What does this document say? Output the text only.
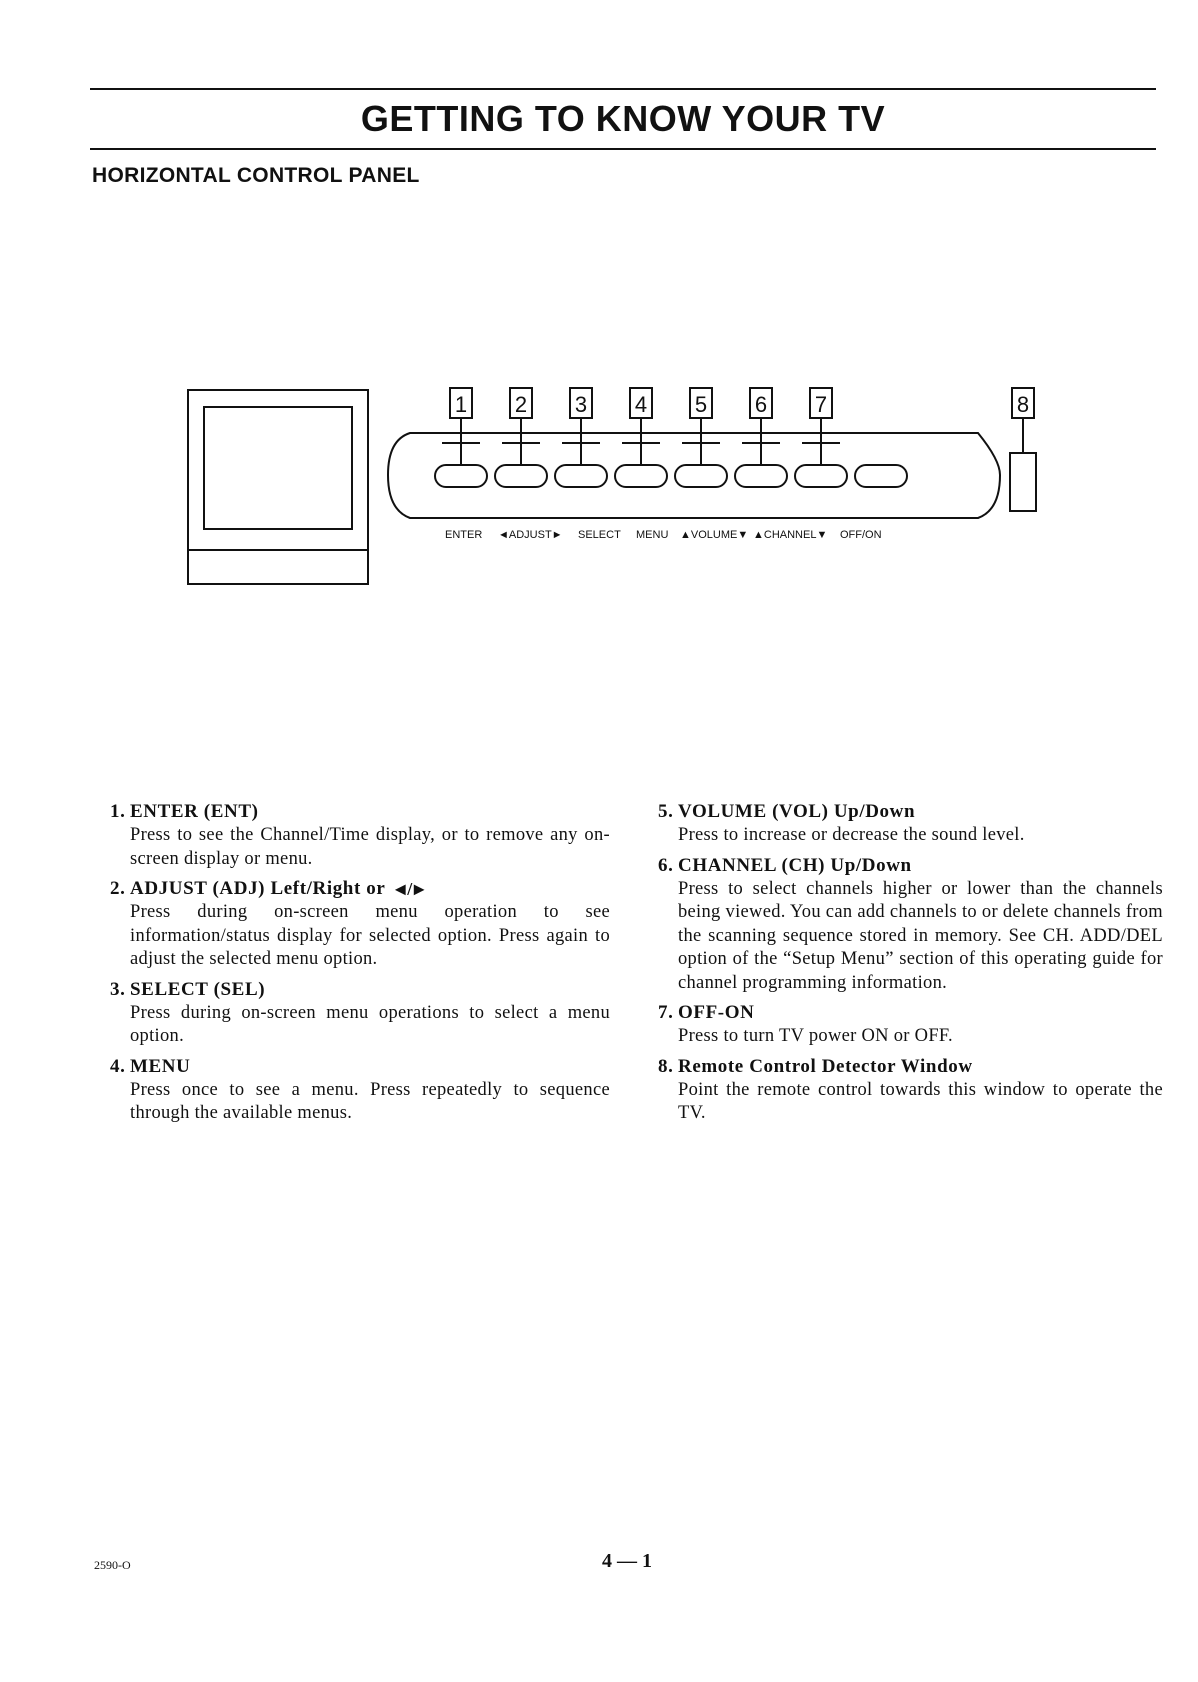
GETTING TO KNOW YOUR TV
HORIZONTAL CONTROL PANEL
1 2 3 4 5 6 7	8
ENTER ◄ADJUST► SELECT MENU ▲VOLUME▼ ▲CHANNEL▼ OFF/ON
1. ENTER (ENT)
Press to see the Channel/Time display, or to remove any on-screen display or menu.
2. ADJUST (ADJ) Left/Right or ◄/►
Press during on-screen menu operation to see information/status display for selected option. Press again to adjust the selected menu option.
3. SELECT (SEL)
Press during on-screen menu operations to select a menu option.
4. MENU
Press once to see a menu. Press repeatedly to sequence through the available menus.
5. VOLUME (VOL) Up/Down
Press to increase or decrease the sound level.
6. CHANNEL (CH) Up/Down
Press to select channels higher or lower than the channels being viewed. You can add channels to or delete channels from the scanning sequence stored in memory. See CH. ADD/DEL option of the “Setup Menu” section of this operating guide for channel programming information.
7. OFF-ON
Press to turn TV power ON or OFF.
8. Remote Control Detector Window
Point the remote control towards this window to operate the TV.
2590-O	4 — 1
